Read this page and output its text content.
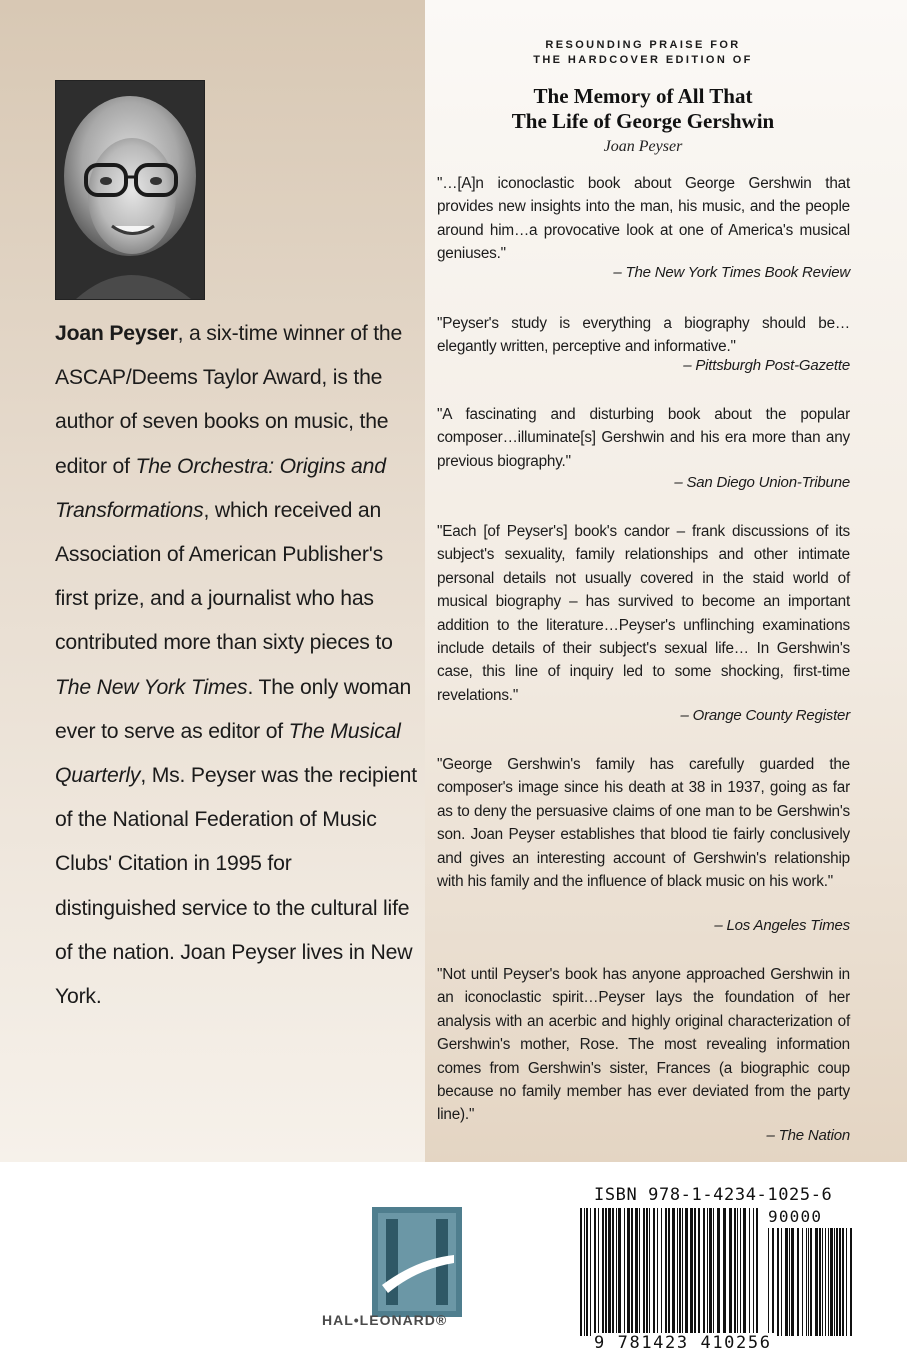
Joan Peyser, a six-time winner of the ASCAP/Deems Taylor Award, is the author of seven books on music, the editor of The Orchestra: Origins and Transformations, which received an Association of American Publisher's first prize, and a journalist who has contributed more than sixty pieces to The New York Times. The only woman ever to serve as editor of The Musical Quarterly, Ms. Peyser was the recipient of the National Federation of Music Clubs' Citation in 1995 for distinguished service to the cultural life of the nation. Joan Peyser lives in New York.
RESOUNDING PRAISE FOR
THE HARDCOVER EDITION OF
The Memory of All That
The Life of George Gershwin
Joan Peyser
"…[A]n iconoclastic book about George Gershwin that provides new insights into the man, his music, and the people around him…a provocative look at one of America's musical geniuses."
– The New York Times Book Review
"Peyser's study is everything a biography should be… elegantly written, perceptive and informative."
– Pittsburgh Post-Gazette
"A fascinating and disturbing book about the popular composer…illuminate[s] Gershwin and his era more than any previous biography."
– San Diego Union-Tribune
"Each [of Peyser's] book's candor – frank discussions of its subject's sexuality, family relationships and other intimate personal details not usually covered in the staid world of musical biography – has survived to become an important addition to the literature…Peyser's unflinching examinations include details of their subject's sexual life… In Gershwin's case, this line of inquiry led to some shocking, first-time revelations."
– Orange County Register
"George Gershwin's family has carefully guarded the composer's image since his death at 38 in 1937, going as far as to deny the persuasive claims of one man to be Gershwin's son. Joan Peyser establishes that blood tie fairly conclusively and gives an interesting account of Gershwin's relationship with his family and the influence of black music on his work."
– Los Angeles Times
"Not until Peyser's book has anyone approached Gershwin in an iconoclastic spirit…Peyser lays the foundation of her analysis with an acerbic and highly original characterization of Gershwin's mother, Rose. The most revealing information comes from Gershwin's sister, Frances (a biographic coup because no family member has ever deviated from the party line)."
– The Nation
HAL•LEONARD®
ISBN 978-1-4234-1025-6
90000
9 781423 410256
